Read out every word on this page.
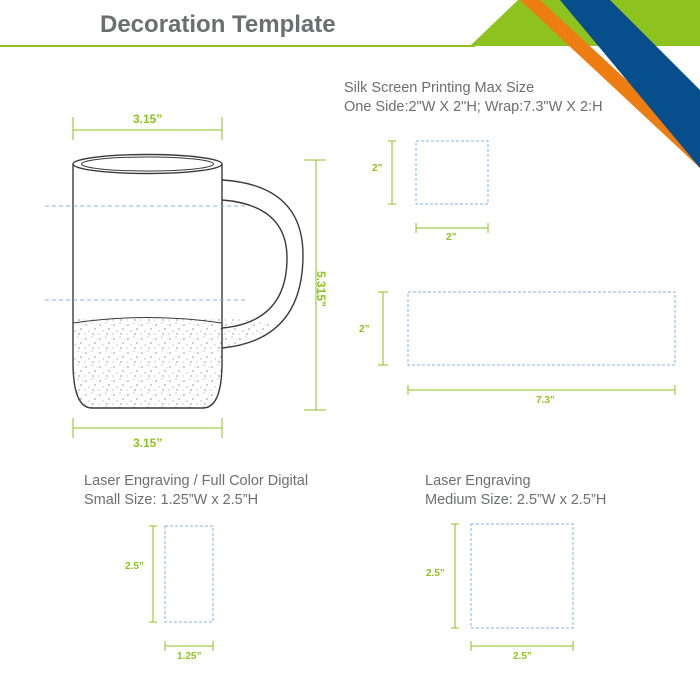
Decoration Template
3.15”
3.15”
5.315”
Silk Screen Printing Max Size
One Side:2"W X 2"H; Wrap:7.3"W X 2:H
2”
2”
2”
7.3”
Laser Engraving / Full Color Digital
Small Size: 1.25”W x 2.5”H
2.5”
1.25”
Laser Engraving
Medium Size: 2.5”W x 2.5”H
2.5”
2.5”
